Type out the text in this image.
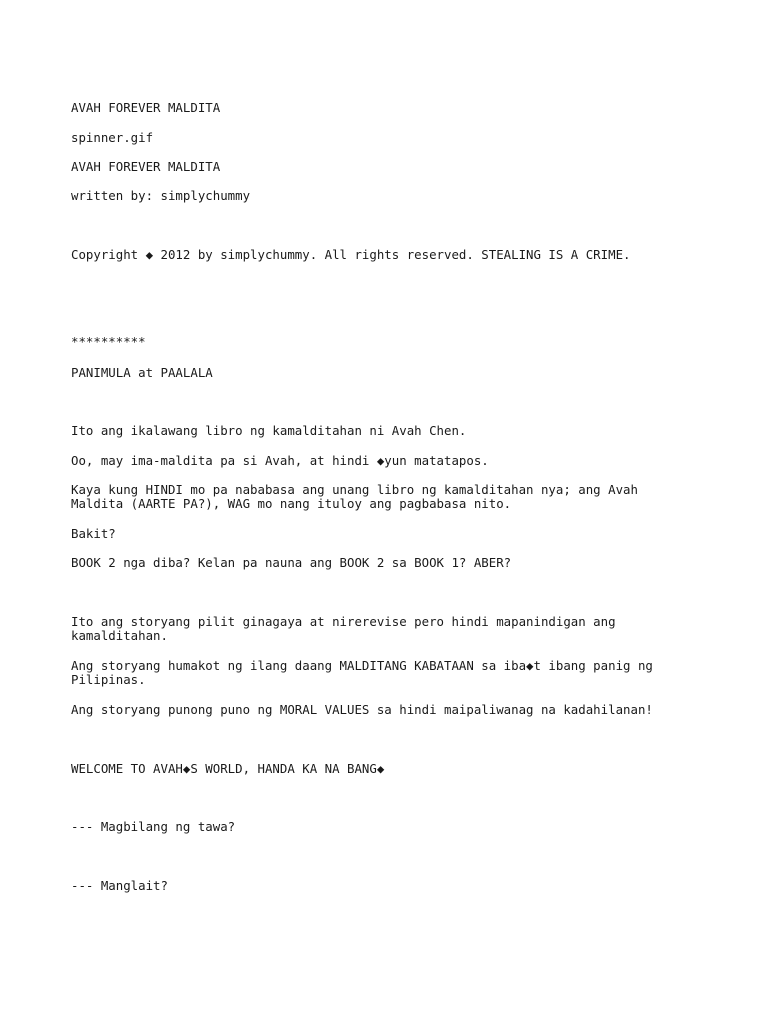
AVAH FOREVER MALDITA

spinner.gif

AVAH FOREVER MALDITA

written by: simplychummy

Copyright ◆ 2012 by simplychummy. All rights reserved. STEALING IS A CRIME.

**********

PANIMULA at PAALALA

Ito ang ikalawang libro ng kamalditahan ni Avah Chen.

Oo, may ima-maldita pa si Avah, at hindi ◆yun matatapos.

Kaya kung HINDI mo pa nababasa ang unang libro ng kamalditahan nya; ang Avah Maldita (AARTE PA?), WAG mo nang ituloy ang pagbabasa nito.

Bakit?

BOOK 2 nga diba? Kelan pa nauna ang BOOK 2 sa BOOK 1? ABER?

Ito ang storyang pilit ginagaya at nirerevise pero hindi mapanindigan ang kamalditahan.

Ang storyang humakot ng ilang daang MALDITANG KABATAAN sa iba◆t ibang panig ng Pilipinas.

Ang storyang punong puno ng MORAL VALUES sa hindi maipaliwanag na kadahilanan!

WELCOME TO AVAH◆S WORLD, HANDA KA NA BANG◆

--- Magbilang ng tawa?

--- Manglait?
